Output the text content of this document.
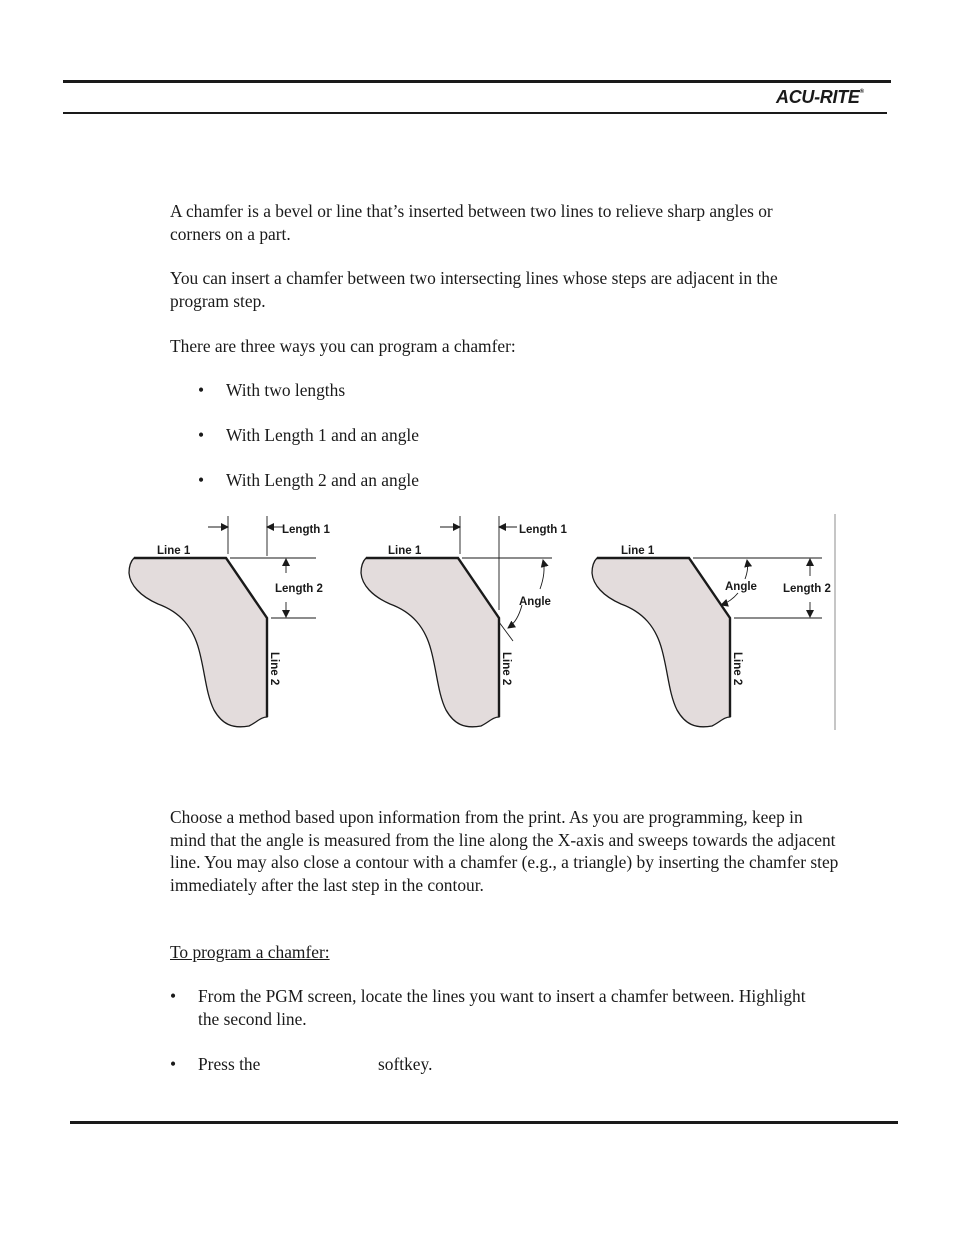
ACU-RITE®

A chamfer is a bevel or line that’s inserted between two lines to relieve sharp angles or corners on a part.

You can insert a chamfer between two intersecting lines whose steps are adjacent in the program step.

There are three ways you can program a chamfer:

• With two lengths
• With Length 1 and an angle
• With Length 2 and an angle
Length 1
Length 2
Line 1
Line 2
Length 1
Angle
Line 1
Line 2
Length 2
Angle
Line 1
Line 2

Choose a method based upon information from the print. As you are programming, keep in mind that the angle is measured from the line along the X-axis and sweeps towards the adjacent line. You may also close a contour with a chamfer (e.g., a triangle) by inserting the chamfer step immediately after the last step in the contour.

To program a chamfer:

• From the PGM screen, locate the lines you want to insert a chamfer between. Highlight the second line.
• Press the	softkey.
